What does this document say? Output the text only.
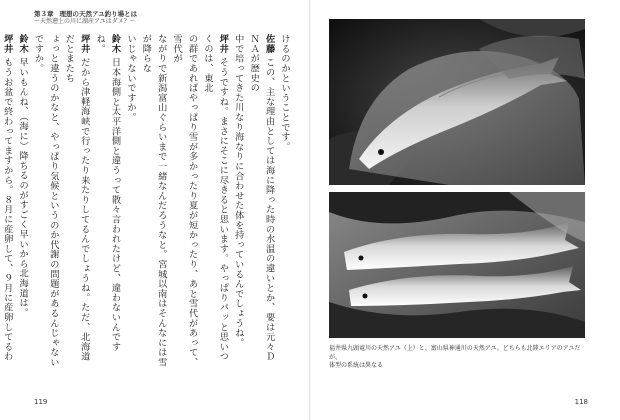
第３章 理想の天然アユ釣り場とは
〜天然遡上の川に湖産アユはダメ？〜

けるのかということです。

佐藤この、主な理由としては海に降った時の水温の違いとか、要は元々ＤＮＡが歴史の

中で培ってきた川なり海なりに合わせた体を持っているんでしょうね。

坪井そうですね。まさにそこに尽きると思います。やっぱりパッと思いつくのは、東北

の群であればやっぱり雪が多かったり夏が短かったり、あと雪代があって、雪代が

ながりで新潟富山ぐらいまで一緒なんだろうなと。宮城以南はそんなには雪が降らな

いじゃないですか。

鈴木日本海側と太平洋側と違うって散々言われたけど、違わないんですね。

坪井だから津軽海峡で行ったり来たりしてるんでしょうね。ただ、北海道だとまたち

ょっと違うのかなと、やっぱり気候というのか代謝の問題があるんじゃないですか。

鈴木早いもんね、（海に）降ちるのがすごく早いから北海道は。

坪井もうお盆で終わってますから。８月に産卵して、９月に産卵してるわ

119

福井県九頭竜川の天然アユ（上）と、富山県神通川の天然アユ。どちらも北陸エリアのアユだが、

体型の系統は異なる

118
